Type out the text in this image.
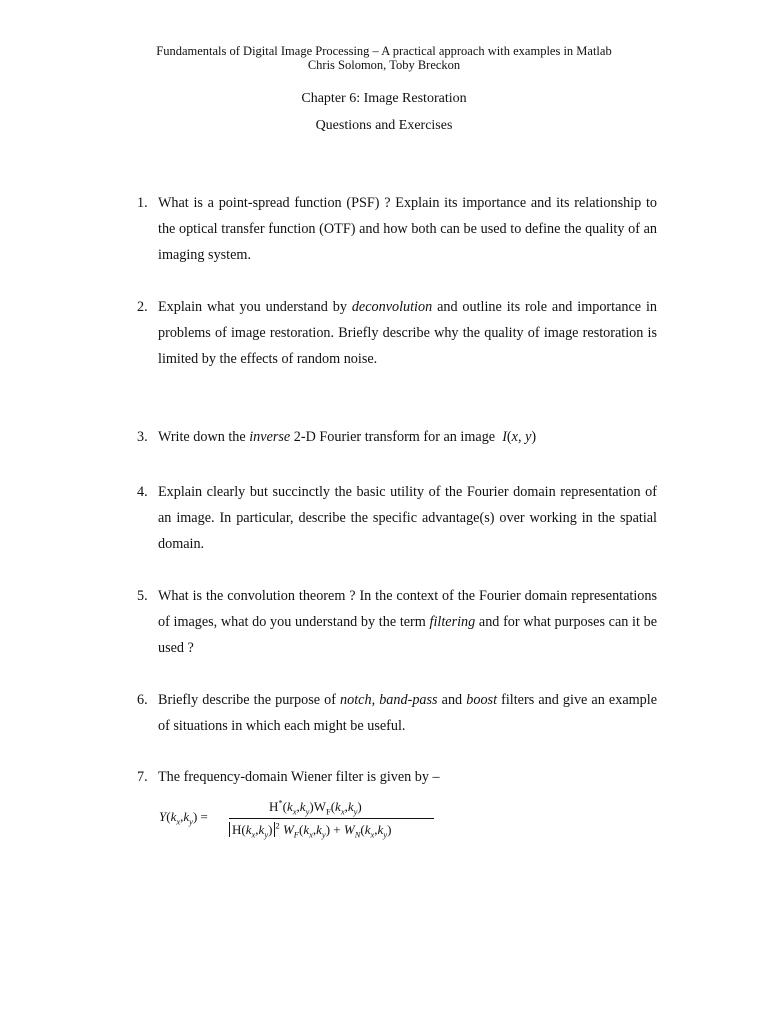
Fundamentals of Digital Image Processing – A practical approach with examples in Matlab
Chris Solomon, Toby Breckon
Chapter 6: Image Restoration
Questions and Exercises
1. What is a point-spread function (PSF) ? Explain its importance and its relationship to the optical transfer function (OTF) and how both can be used to define the quality of an imaging system.
2. Explain what you understand by deconvolution and outline its role and importance in problems of image restoration. Briefly describe why the quality of image restoration is limited by the effects of random noise.
3. Write down the inverse 2-D Fourier transform for an image I(x, y)
4. Explain clearly but succinctly the basic utility of the Fourier domain representation of an image. In particular, describe the specific advantage(s) over working in the spatial domain.
5. What is the convolution theorem ? In the context of the Fourier domain representations of images, what do you understand by the term filtering and for what purposes can it be used ?
6. Briefly describe the purpose of notch, band-pass and boost filters and give an example of situations in which each might be useful.
7. The frequency-domain Wiener filter is given by –
$Y(k_x,k_y)$ =
$H^*(k_x,k_y)W_F(k_x,k_y)$
$H(k_x,k_y)$ $^2$ $W_F(k_x,k_y) + W_N(k_x,k_y)$
